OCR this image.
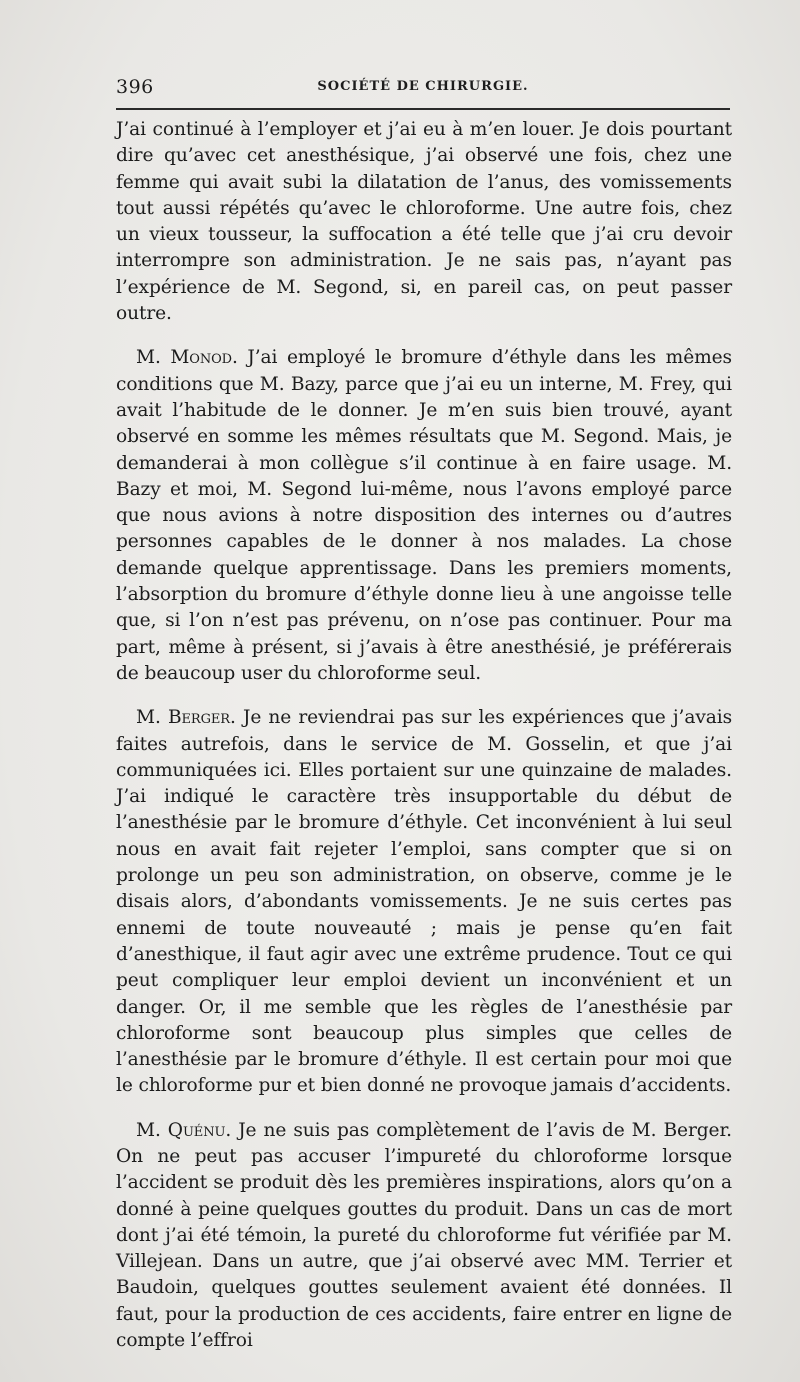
396	SOCIÉTÉ DE CHIRURGIE.

J’ai continué à l’employer et j’ai eu à m’en louer. Je dois pourtant dire qu’avec cet anesthésique, j’ai observé une fois, chez une femme qui avait subi la dilatation de l’anus, des vomissements tout aussi répétés qu’avec le chloroforme. Une autre fois, chez un vieux tousseur, la suffocation a été telle que j’ai cru devoir interrompre son administration. Je ne sais pas, n’ayant pas l’expérience de M. Segond, si, en pareil cas, on peut passer outre.

M. Monod. J’ai employé le bromure d’éthyle dans les mêmes conditions que M. Bazy, parce que j’ai eu un interne, M. Frey, qui avait l’habitude de le donner. Je m’en suis bien trouvé, ayant observé en somme les mêmes résultats que M. Segond. Mais, je demanderai à mon collègue s’il continue à en faire usage. M. Bazy et moi, M. Segond lui-même, nous l’avons employé parce que nous avions à notre disposition des internes ou d’autres personnes capables de le donner à nos malades. La chose demande quelque apprentissage. Dans les premiers moments, l’absorption du bromure d’éthyle donne lieu à une angoisse telle que, si l’on n’est pas prévenu, on n’ose pas continuer. Pour ma part, même à présent, si j’avais à être anesthésié, je préférerais de beaucoup user du chloroforme seul.

M. Berger. Je ne reviendrai pas sur les expériences que j’avais faites autrefois, dans le service de M. Gosselin, et que j’ai communiquées ici. Elles portaient sur une quinzaine de malades. J’ai indiqué le caractère très insupportable du début de l’anesthésie par le bromure d’éthyle. Cet inconvénient à lui seul nous en avait fait rejeter l’emploi, sans compter que si on prolonge un peu son administration, on observe, comme je le disais alors, d’abondants vomissements. Je ne suis certes pas ennemi de toute nouveauté ; mais je pense qu’en fait d’anesthique, il faut agir avec une extrême prudence. Tout ce qui peut compliquer leur emploi devient un inconvénient et un danger. Or, il me semble que les règles de l’anesthésie par chloroforme sont beaucoup plus simples que celles de l’anesthésie par le bromure d’éthyle. Il est certain pour moi que le chloroforme pur et bien donné ne provoque jamais d’accidents.

M. Quénu. Je ne suis pas complètement de l’avis de M. Berger. On ne peut pas accuser l’impureté du chloroforme lorsque l’accident se produit dès les premières inspirations, alors qu’on a donné à peine quelques gouttes du produit. Dans un cas de mort dont j’ai été témoin, la pureté du chloroforme fut vérifiée par M. Villejean. Dans un autre, que j’ai observé avec MM. Terrier et Baudoin, quelques gouttes seulement avaient été données. Il faut, pour la production de ces accidents, faire entrer en ligne de compte l’effroi
